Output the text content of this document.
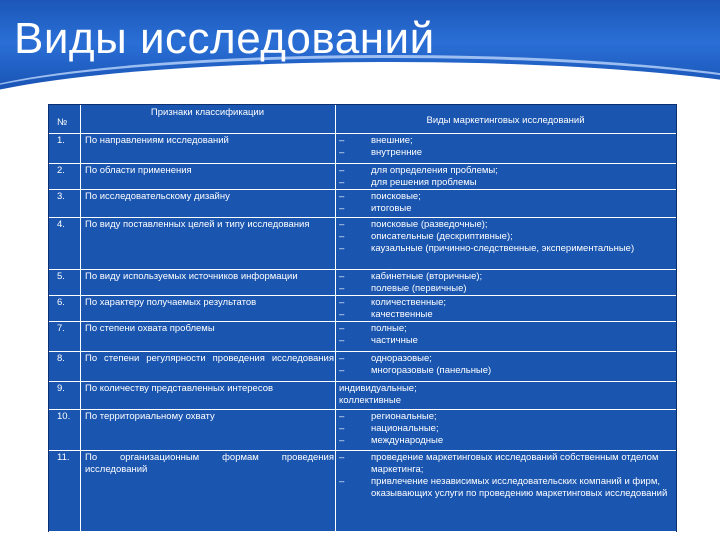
Виды исследований
№
Признаки классификации
Виды маркетинговых исследований
1.	По направлениям исследований	–	внешние;
–	внутренние
2.	По области применения	–	для определения проблемы;
–	для решения проблемы
3.	По исследовательскому дизайну	–	поисковые;
–	итоговые
4.	По виду поставленных целей и типу исследования	–	поисковые (разведочные);
–	описательные (дескриптивные);
–	каузальные (причинно-следственные, экспериментальные)
5.	По виду используемых источников информации	–	кабинетные (вторичные);
–	полевые (первичные)
6.	По характеру получаемых результатов	–	количественные;
–	качественные
7.	По степени охвата проблемы	–	полные;
–	частичные
8.	По степени регулярности проведения исследования –	одноразовые;
–	многоразовые (панельные)
9.	По количеству представленных интересов	индивидуальные; коллективные
10.	По территориальному охвату	–	региональные;
–	национальные;
–	международные
11.	По организационным формам проведения исследований
–	проведение маркетинговых исследований собственным отделом маркетинга;
–	привлечение независимых исследовательских компаний и фирм, оказывающих услуги по проведению маркетинговых исследований
